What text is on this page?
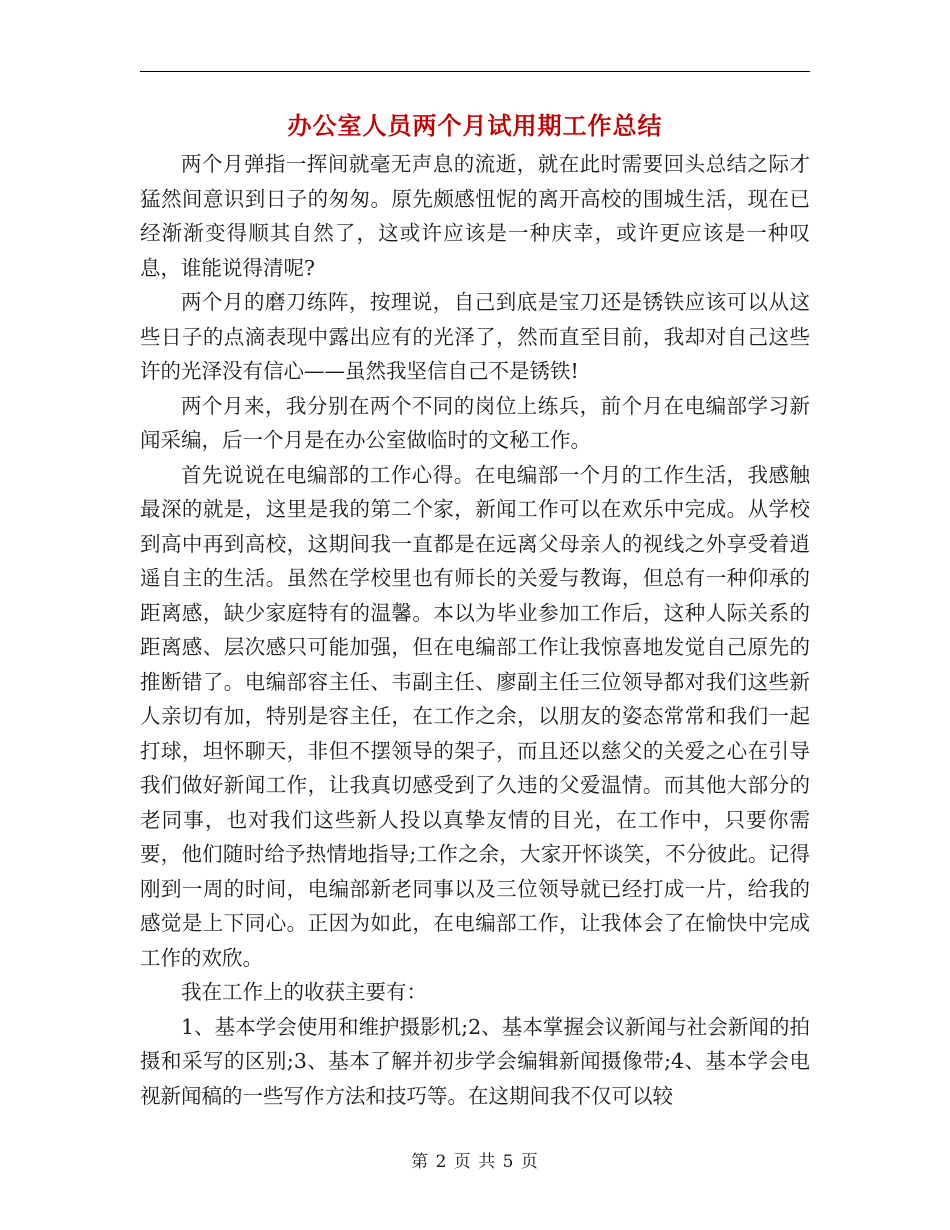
办公室人员两个月试用期工作总结

两个月弹指一挥间就毫无声息的流逝，就在此时需要回头总结之际才猛然间意识到日子的匆匆。原先颇感忸怩的离开高校的围城生活，现在已经渐渐变得顺其自然了，这或许应该是一种庆幸，或许更应该是一种叹息，谁能说得清呢?

两个月的磨刀练阵，按理说，自己到底是宝刀还是锈铁应该可以从这些日子的点滴表现中露出应有的光泽了，然而直至目前，我却对自己这些许的光泽没有信心——虽然我坚信自己不是锈铁!

两个月来，我分别在两个不同的岗位上练兵，前个月在电编部学习新闻采编，后一个月是在办公室做临时的文秘工作。

首先说说在电编部的工作心得。在电编部一个月的工作生活，我感触最深的就是，这里是我的第二个家，新闻工作可以在欢乐中完成。从学校到高中再到高校，这期间我一直都是在远离父母亲人的视线之外享受着逍遥自主的生活。虽然在学校里也有师长的关爱与教诲，但总有一种仰承的距离感，缺少家庭特有的温馨。本以为毕业参加工作后，这种人际关系的距离感、层次感只可能加强，但在电编部工作让我惊喜地发觉自己原先的推断错了。电编部容主任、韦副主任、廖副主任三位领导都对我们这些新人亲切有加，特别是容主任，在工作之余，以朋友的姿态常常和我们一起打球，坦怀聊天，非但不摆领导的架子，而且还以慈父的关爱之心在引导我们做好新闻工作，让我真切感受到了久违的父爱温情。而其他大部分的老同事，也对我们这些新人投以真挚友情的目光，在工作中，只要你需要，他们随时给予热情地指导;工作之余，大家开怀谈笑，不分彼此。记得刚到一周的时间，电编部新老同事以及三位领导就已经打成一片，给我的感觉是上下同心。正因为如此，在电编部工作，让我体会了在愉快中完成工作的欢欣。

我在工作上的收获主要有：

1、基本学会使用和维护摄影机;2、基本掌握会议新闻与社会新闻的拍摄和采写的区别;3、基本了解并初步学会编辑新闻摄像带;4、基本学会电视新闻稿的一些写作方法和技巧等。在这期间我不仅可以较

第 2 页 共 5 页
